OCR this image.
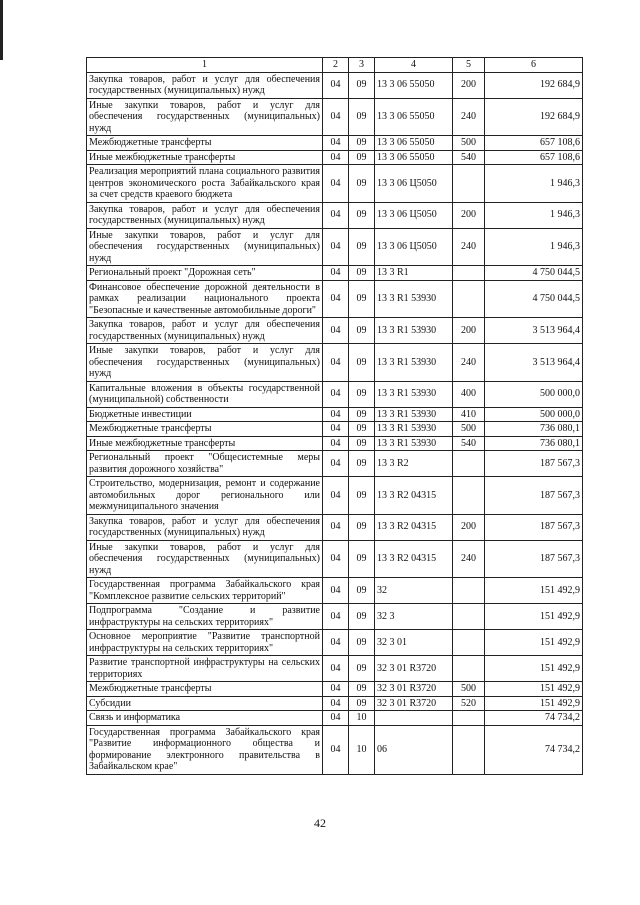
1	2	3	4	5	6
Закупка товаров, работ и услуг для обеспечения государственных (муниципальных) нужд	04	09	13 3 06 55050	200	192 684,9
Иные закупки товаров, работ и услуг для обеспечения государственных (муниципальных) нужд	04	09	13 3 06 55050	240	192 684,9
Межбюджетные трансферты	04	09	13 3 06 55050	500	657 108,6
Иные межбюджетные трансферты	04	09	13 3 06 55050	540	657 108,6
Реализация мероприятий плана социального развития центров экономического роста Забайкальского края за счет средств краевого бюджета	04	09	13 3 06 Ц5050		1 946,3
Закупка товаров, работ и услуг для обеспечения государственных (муниципальных) нужд	04	09	13 3 06 Ц5050	200	1 946,3
Иные закупки товаров, работ и услуг для обеспечения государственных (муниципальных) нужд	04	09	13 3 06 Ц5050	240	1 946,3
Региональный проект "Дорожная сеть"	04	09	13 3 R1		4 750 044,5
Финансовое обеспечение дорожной деятельности в рамках реализации национального проекта "Безопасные и качественные автомобильные дороги"	04	09	13 3 R1 53930		4 750 044,5
Закупка товаров, работ и услуг для обеспечения государственных (муниципальных) нужд	04	09	13 3 R1 53930	200	3 513 964,4
Иные закупки товаров, работ и услуг для обеспечения государственных (муниципальных) нужд	04	09	13 3 R1 53930	240	3 513 964,4
Капитальные вложения в объекты государственной (муниципальной) собственности	04	09	13 3 R1 53930	400	500 000,0
Бюджетные инвестиции	04	09	13 3 R1 53930	410	500 000,0
Межбюджетные трансферты	04	09	13 3 R1 53930	500	736 080,1
Иные межбюджетные трансферты	04	09	13 3 R1 53930	540	736 080,1
Региональный проект "Общесистемные меры развития дорожного хозяйства"	04	09	13 3 R2		187 567,3
Строительство, модернизация, ремонт и содержание автомобильных дорог регионального или межмуниципального значения	04	09	13 3 R2 04315		187 567,3
Закупка товаров, работ и услуг для обеспечения государственных (муниципальных) нужд	04	09	13 3 R2 04315	200	187 567,3
Иные закупки товаров, работ и услуг для обеспечения государственных (муниципальных) нужд	04	09	13 3 R2 04315	240	187 567,3
Государственная программа Забайкальского края "Комплексное развитие сельских территорий"	04	09	32		151 492,9
Подпрограмма "Создание и развитие инфраструктуры на сельских территориях"	04	09	32 3		151 492,9
Основное мероприятие "Развитие транспортной инфраструктуры на сельских территориях"	04	09	32 3 01		151 492,9
Развитие транспортной инфраструктуры на сельских территориях	04	09	32 3 01 R3720		151 492,9
Межбюджетные трансферты	04	09	32 3 01 R3720	500	151 492,9
Субсидии	04	09	32 3 01 R3720	520	151 492,9
Связь и информатика	04	10			74 734,2
Государственная программа Забайкальского края "Развитие информационного общества и формирование электронного правительства в Забайкальском крае"	04	10	06		74 734,2
42
